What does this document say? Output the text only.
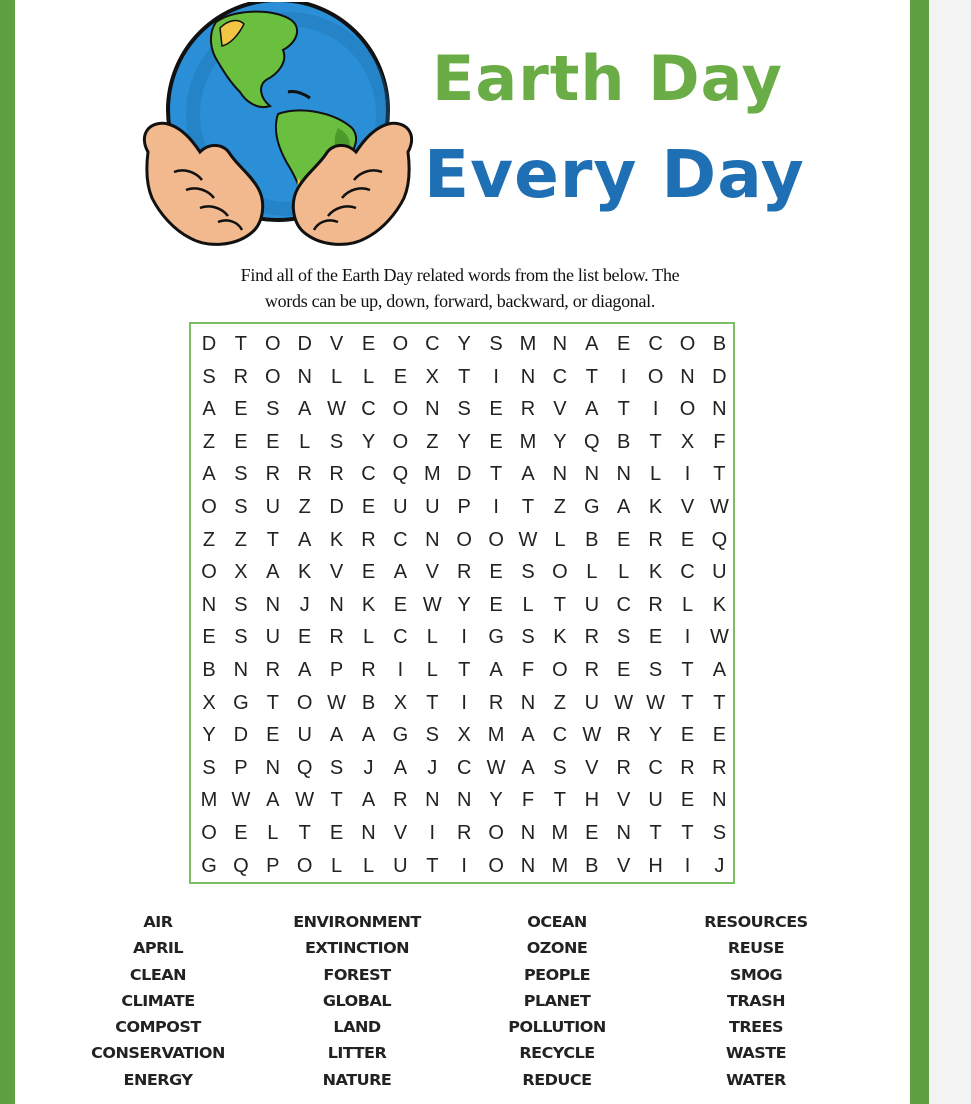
Earth Day
Every Day
Find all of the Earth Day related words from the list below. The
words can be up, down, forward, backward, or diagonal.
D T O D V E O C Y S M N A E C O B
S R O N L	L E X T	I	N C T	I	O N D
A E S A W C O N S E R V A T	I	O N
Z E E L S Y O Z Y E M Y Q B T X F
A S R R R C Q M D T A N N N L	I	T
O S U Z D E U U P	I	T Z G A K V W
Z Z T A K R C N O O W L B E R E Q
O X A K V E A V R E S O L	L K C U
N S N J N K E W Y E L	T U C R L K
E S U E R L C L	I	G S K R S E	I W
B N R A P R	I	L	T A F O R E S T A
X G T O W B X T	I	R N Z U W W T T
Y D E U A A G S X M A C W R Y E E
S P N Q S	J	A	J C W A S V R C R R
M W A W T A R N N Y F T H V U E N
O E L	T E N V	I	R O N M E N T T S
G Q P O L	L U T	I	O N M B V H	I	J
AIR
APRIL
CLEAN
CLIMATE
COMPOST
CONSERVATION
ENERGY
ENVIRONMENT
EXTINCTION
FOREST
GLOBAL
LAND
LITTER
NATURE
OCEAN
OZONE
PEOPLE
PLANET
POLLUTION
RECYCLE
REDUCE
RESOURCES
REUSE
SMOG
TRASH
TREES
WASTE
WATER
